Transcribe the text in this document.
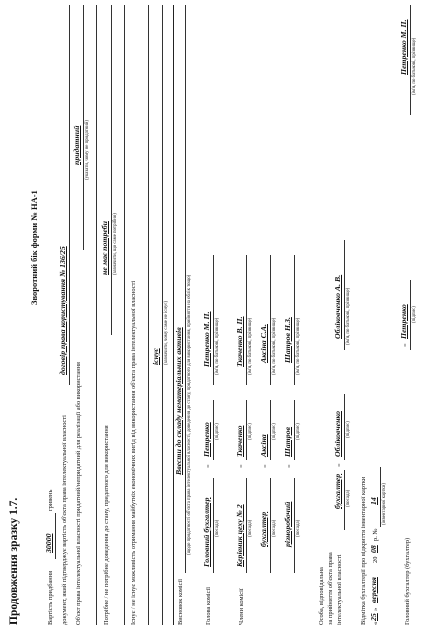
Продовження зразку 1.7.
Зворотний бік форми № НА-1
Вартість придбання
30000
гривень документ, який підтверджує вартість об'єкта права інтелектуальної власності
договір права користування № 136/25
Об'єкт права інтелектуальної власності придатний/непридатний для реалізації або використання
придатний (указати, чому не придатний)
Потрібне / не потрібне доведення до стану, придатного для використання
не має потреби (зазначити, що саме потрібно)
Існує / не існує можливість отримання майбутніх економічних вигід від використання об'єкта права інтелектуальної власності існує (зазначити, чому саме не існує)
Висновок комісії
Ввести до складу нематеріальних активів (щодо придатності об'єкта права інтелектуальної власності, доведення до стану, придатного для використання, прийняття на облік тощо)
Голова комісії
Головний бухгалтер (посада)
=
Петренко (підпис)
Петренко М. П. (ім'я, по батькові, прізвище)
Члени комісії
Керівник цеху № 2 (посада)
=
Ткаченко (підпис)
Ткаченко В. П. (ім'я, по батькові, прізвище)
бухгалтер (посада)
=
Аксіна
(підпис)
Аксіна С.А. (ім'я, по батькові, прізвище)
різноробочий (посада)
=
Шатров (підпис)
Шатров Н.З. (ім'я, по батькові, прізвище)
Особа, відповідальна за прийняття об'єкта права інтелектуальної власності
бухгалтер (посада)
=
Обліковченко (підпис)
Обліковченко А. В. (ім'я, по батькові, прізвище)
Відмітка бухгалтерії про відкриття інвентарної картки «
25
»
вересня
20
08
р. №
14 (інвентарної картки)
Головний бухгалтер (бухгалтер)
=
Петренко (підпис)
Петренко М. П. (ім'я, по батькові, прізвище)
